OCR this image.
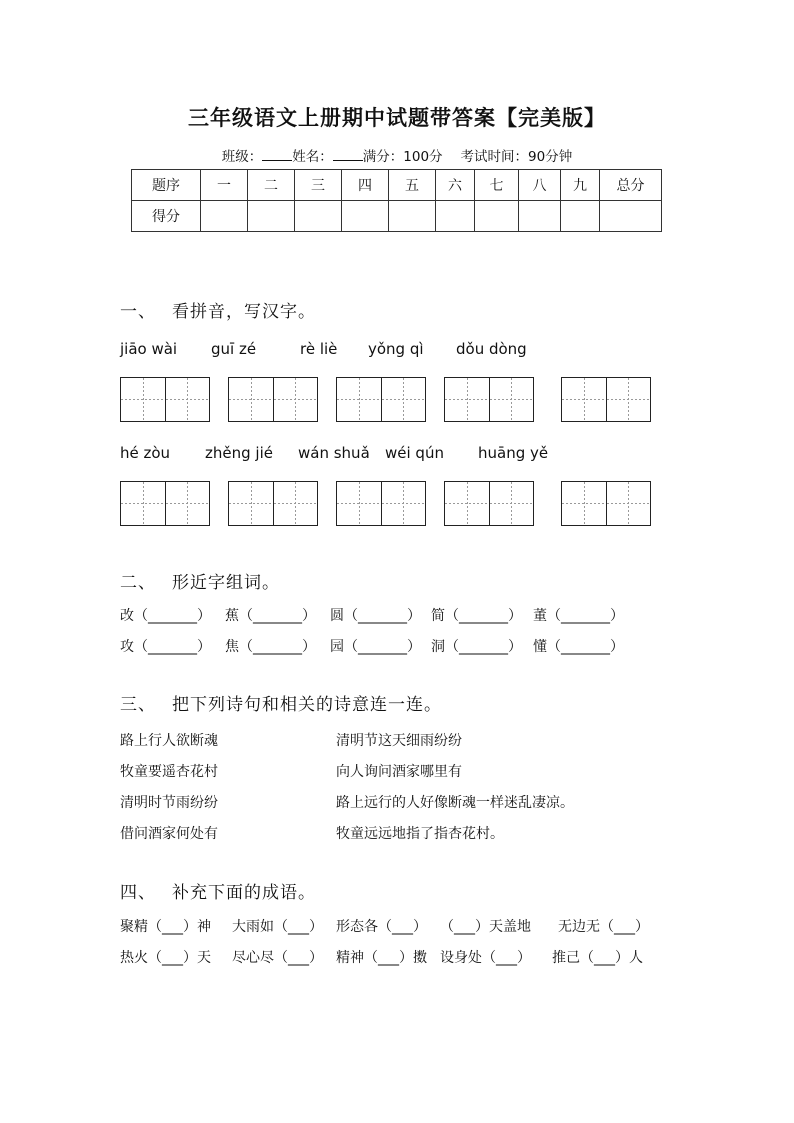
三年级语文上册期中试题带答案【完美版】
班级： 姓名： 满分：100分 考试时间：90分钟
题序	一	二	三	四	五	六	七	八	九	总分
得分										
一、 看拼音，写汉字。
jiāo wài guī zé	rè liè yǒng qì dǒu dòng
hé zòu zhěng jié wán shuǎ wéi qún huāng yě
二、 形近字组词。
改（_______） 蕉（_______） 圆（_______） 简（_______） 董（_______）
攻（_______） 焦（_______） 园（_______） 洞（_______） 懂（_______）
三、 把下列诗句和相关的诗意连一连。
路上行人欲断魂	清明节这天细雨纷纷
牧童要遥杏花村	向人询问酒家哪里有
清明时节雨纷纷	路上远行的人好像断魂一样迷乱凄凉。
借问酒家何处有	牧童远远地指了指杏花村。
四、 补充下面的成语。
聚精（___）神 大雨如（___） 形态各（___） （___）天盖地 无边无（___）
热火（___）天 尽心尽（___） 精神（___）擞 设身处（___） 推己（___）人
